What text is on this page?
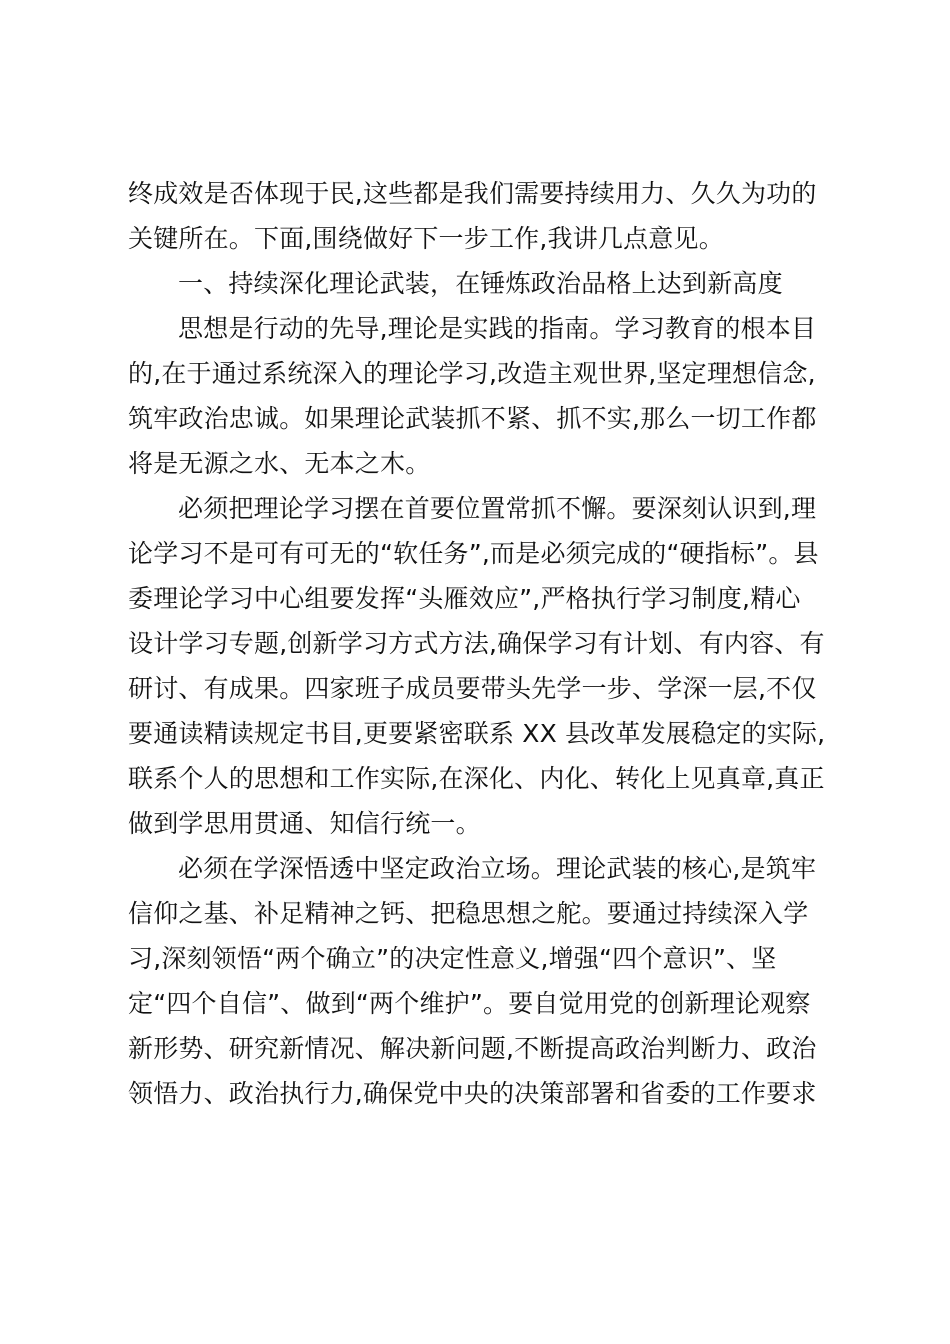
终成效是否体现于民,这些都是我们需要持续用力、久久为功的
关键所在。下面,围绕做好下一步工作,我讲几点意见。
一、持续深化理论武装，在锤炼政治品格上达到新高度
思想是行动的先导,理论是实践的指南。学习教育的根本目
的,在于通过系统深入的理论学习,改造主观世界,坚定理想信念,
筑牢政治忠诚。如果理论武装抓不紧、抓不实,那么一切工作都
将是无源之水、无本之木。
必须把理论学习摆在首要位置常抓不懈。要深刻认识到,理
论学习不是可有可无的“软任务”,而是必须完成的“硬指标”。县
委理论学习中心组要发挥“头雁效应”,严格执行学习制度,精心
设计学习专题,创新学习方式方法,确保学习有计划、有内容、有
研讨、有成果。四家班子成员要带头先学一步、学深一层,不仅
要通读精读规定书目,更要紧密联系 XX 县改革发展稳定的实际,
联系个人的思想和工作实际,在深化、内化、转化上见真章,真正
做到学思用贯通、知信行统一。
必须在学深悟透中坚定政治立场。理论武装的核心,是筑牢
信仰之基、补足精神之钙、把稳思想之舵。要通过持续深入学
习,深刻领悟“两个确立”的决定性意义,增强“四个意识”、坚
定“四个自信”、做到“两个维护”。要自觉用党的创新理论观察
新形势、研究新情况、解决新问题,不断提高政治判断力、政治
领悟力、政治执行力,确保党中央的决策部署和省委的工作要求
